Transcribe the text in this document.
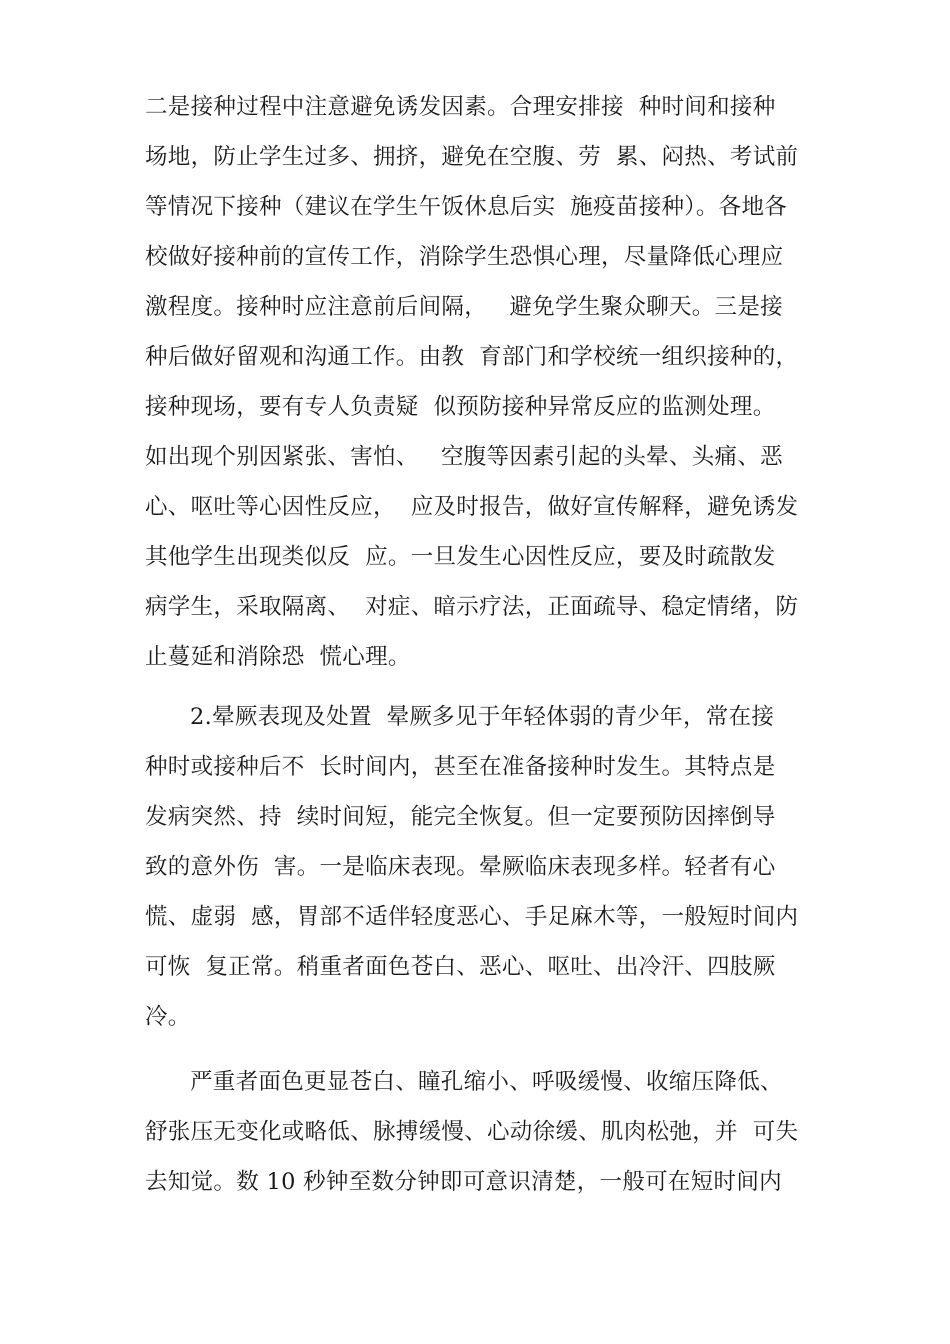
二是接种过程中注意避免诱发因素。合理安排接  种时间和接种
场地，防止学生过多、拥挤，避免在空腹、劳  累、闷热、考试前
等情况下接种（建议在学生午饭休息后实  施疫苗接种）。各地各
校做好接种前的宣传工作，消除学生恐惧心理，尽量降低心理应
激程度。接种时应注意前后间隔，   避免学生聚众聊天。三是接
种后做好留观和沟通工作。由教  育部门和学校统一组织接种的，
接种现场，要有专人负责疑  似预防接种异常反应的监测处理。
如出现个别因紧张、害怕、   空腹等因素引起的头晕、头痛、恶
心、呕吐等心因性反应，  应及时报告，做好宣传解释，避免诱发
其他学生出现类似反  应。一旦发生心因性反应，要及时疏散发
病学生，采取隔离、  对症、暗示疗法，正面疏导、稳定情绪，防
止蔓延和消除恐  慌心理。
2.晕厥表现及处置  晕厥多见于年轻体弱的青少年，常在接
种时或接种后不  长时间内，甚至在准备接种时发生。其特点是
发病突然、持  续时间短，能完全恢复。但一定要预防因摔倒导
致的意外伤  害。一是临床表现。晕厥临床表现多样。轻者有心
慌、虚弱  感，胃部不适伴轻度恶心、手足麻木等，一般短时间内
可恢  复正常。稍重者面色苍白、恶心、呕吐、出冷汗、四肢厥
冷。
严重者面色更显苍白、瞳孔缩小、呼吸缓慢、收缩压降低、
舒张压无变化或略低、脉搏缓慢、心动徐缓、肌肉松弛，并  可失
去知觉。数 10 秒钟至数分钟即可意识清楚，一般可在短时间内
